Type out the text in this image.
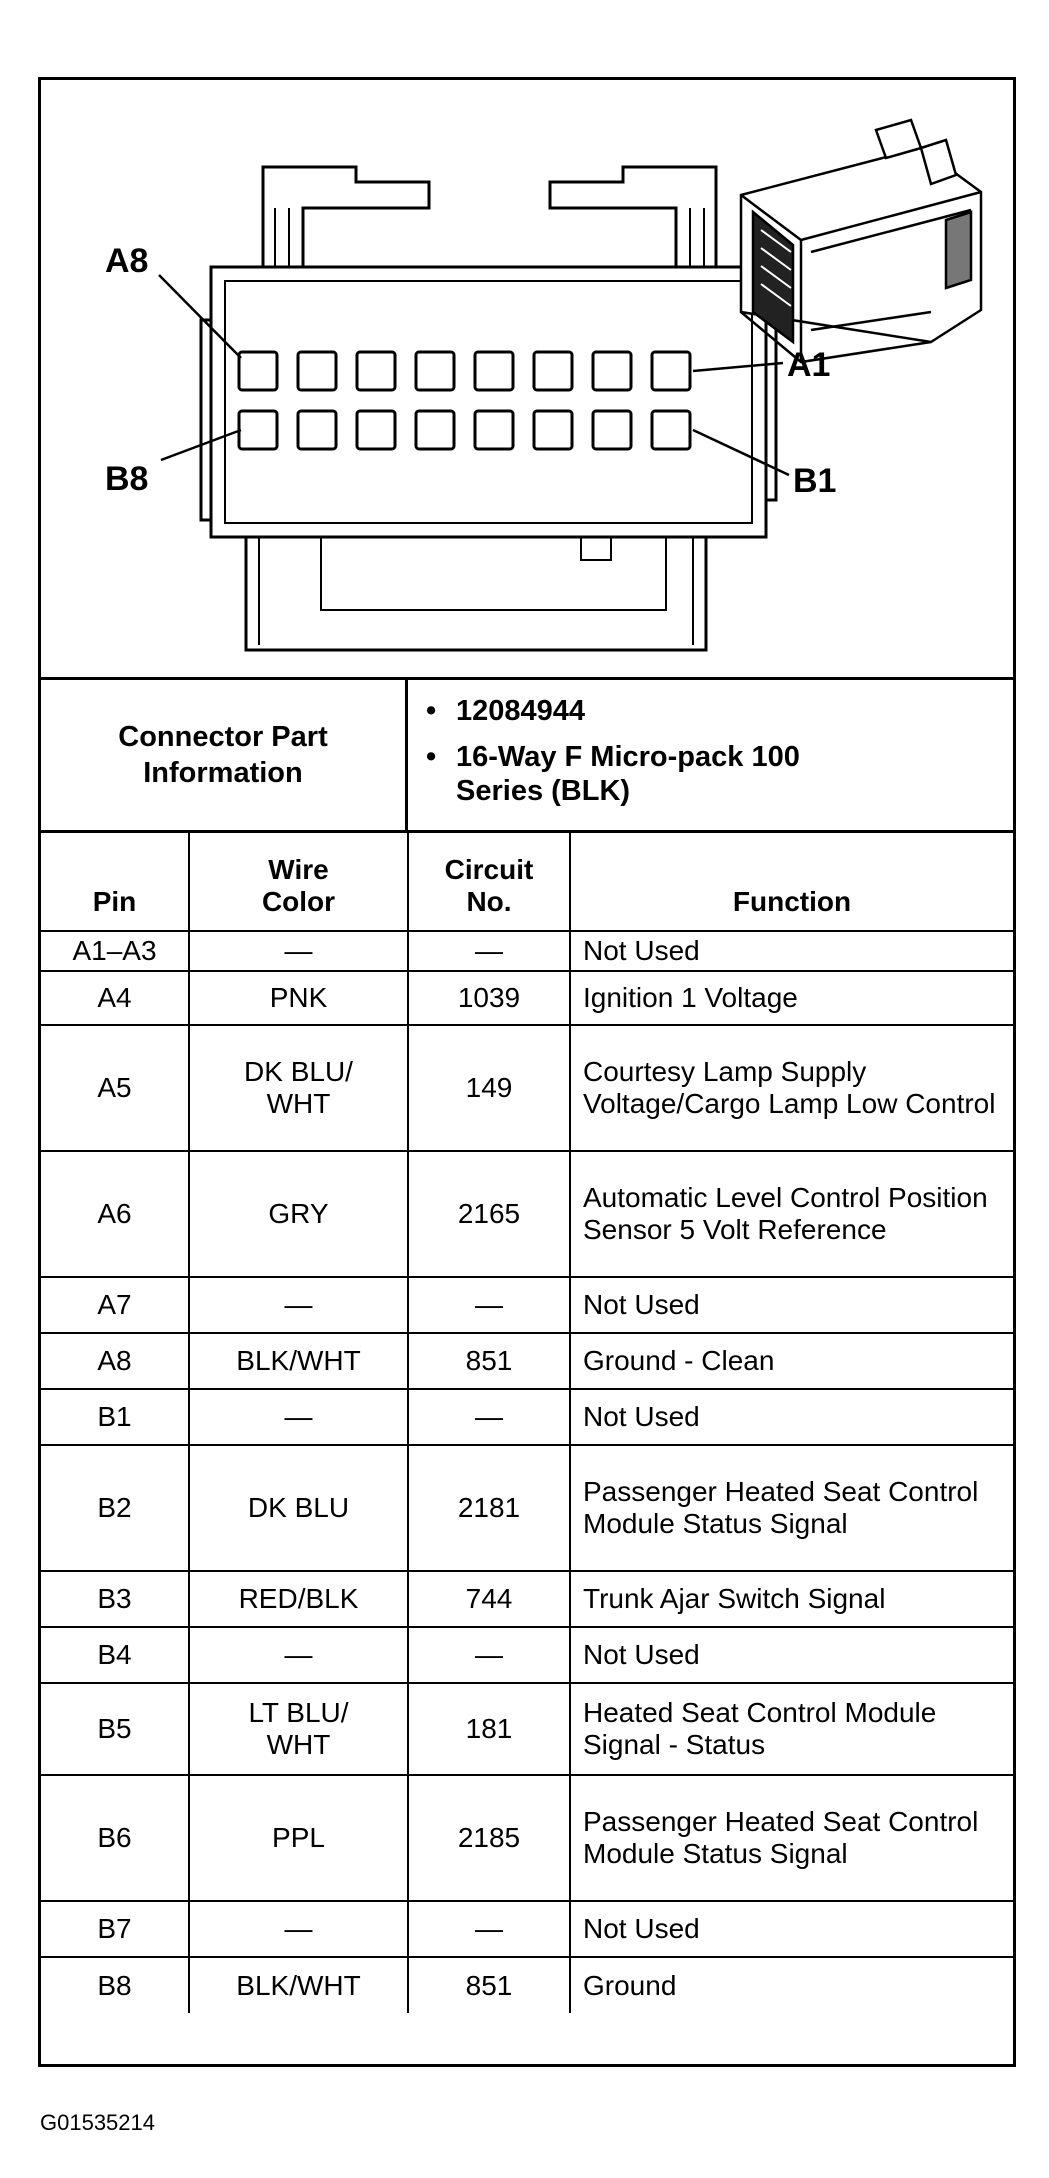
A8
A1
B8	B1
Connector Part Information
• 12084944
• 16-Way F Micro-pack 100 Series (BLK)
Pin	Wire Color	Circuit No.	Function
A1–A3	—	—	Not Used
A4	PNK	1039	Ignition 1 Voltage
A5	DK BLU/ WHT	149	Courtesy Lamp Supply Voltage/Cargo Lamp Low Control
A6	GRY	2165	Automatic Level Control Position Sensor 5 Volt Reference
A7	—	—	Not Used
A8	BLK/WHT	851	Ground - Clean
B1	—	—	Not Used
B2	DK BLU	2181	Passenger Heated Seat Control Module Status Signal
B3	RED/BLK	744	Trunk Ajar Switch Signal
B4	—	—	Not Used
B5	LT BLU/ WHT	181	Heated Seat Control Module Signal - Status
B6	PPL	2185	Passenger Heated Seat Control Module Status Signal
B7	—	—	Not Used
B8	BLK/WHT	851	Ground
G01535214
